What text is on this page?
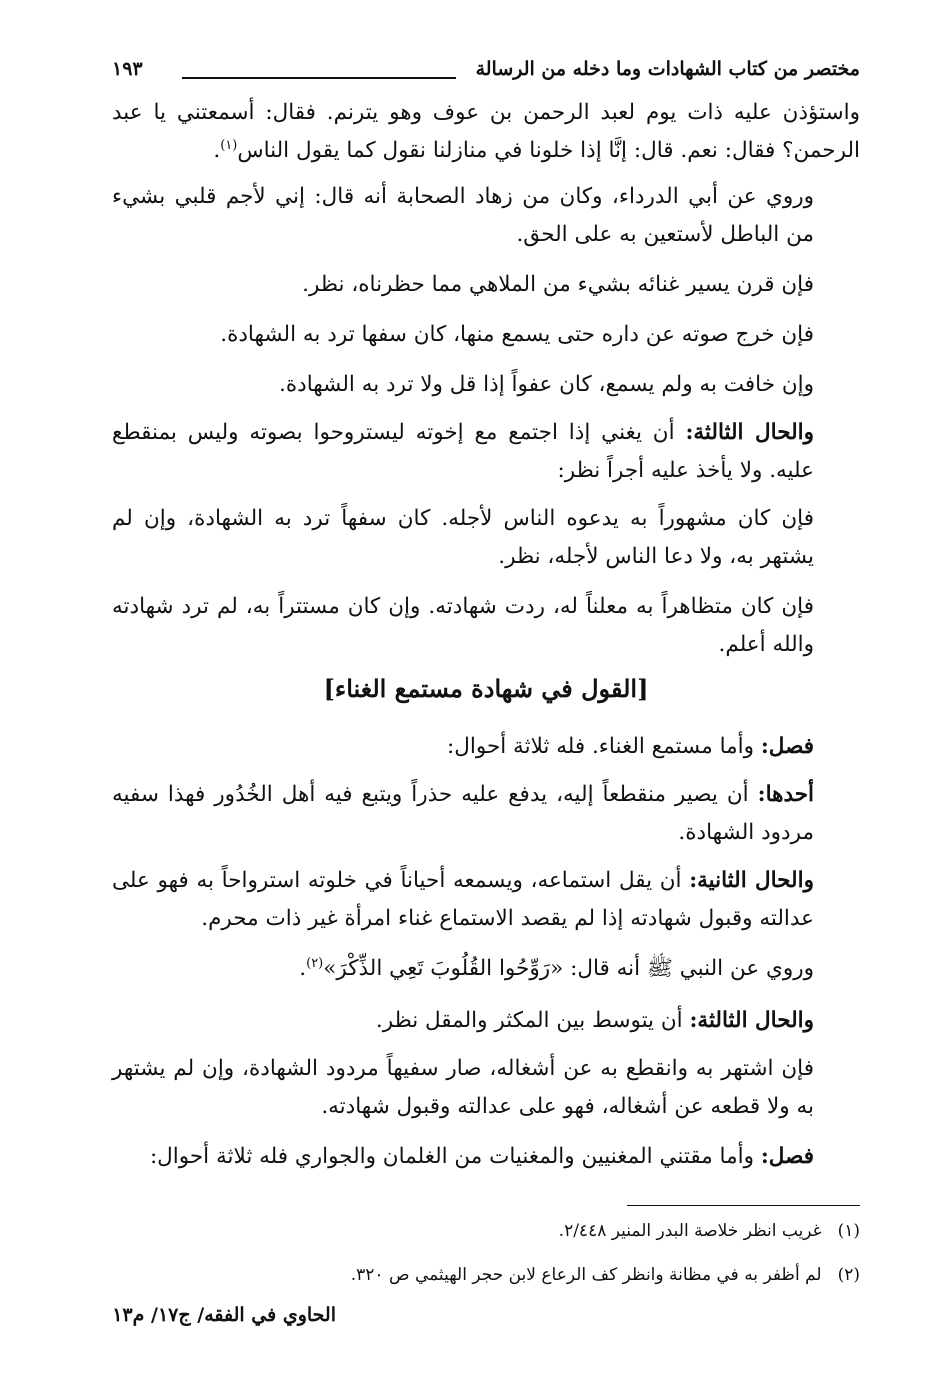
مختصر من كتاب الشهادات وما دخله من الرسالة
١٩٣
واستؤذن عليه ذات يوم لعبد الرحمن بن عوف وهو يترنم. فقال: أسمعتني يا عبد الرحمن؟ فقال: نعم. قال: إنَّا إذا خلونا في منازلنا نقول كما يقول الناس$^{(١)}$.
وروي عن أبي الدرداء، وكان من زهاد الصحابة أنه قال: إني لأجم قلبي بشيء من الباطل لأستعين به على الحق.
فإن قرن يسير غنائه بشيء من الملاهي مما حظرناه، نظر.
فإن خرج صوته عن داره حتى يسمع منها، كان سفها ترد به الشهادة.
وإن خافت به ولم يسمع، كان عفواً إذا قل ولا ترد به الشهادة.
والحال الثالثة: أن يغني إذا اجتمع مع إخوته ليستروحوا بصوته وليس بمنقطع عليه. ولا يأخذ عليه أجراً نظر:
فإن كان مشهوراً به يدعوه الناس لأجله. كان سفهاً ترد به الشهادة، وإن لم يشتهر به، ولا دعا الناس لأجله، نظر.
فإن كان متظاهراً به معلناً له، ردت شهادته. وإن كان مستتراً به، لم ترد شهادته والله أعلم.
[القول في شهادة مستمع الغناء]
فصل: وأما مستمع الغناء. فله ثلاثة أحوال:
أحدها: أن يصير منقطعاً إليه، يدفع عليه حذراً ويتبع فيه أهل الخُدُور فهذا سفيه مردود الشهادة.
والحال الثانية: أن يقل استماعه، ويسمعه أحياناً في خلوته استرواحاً به فهو على عدالته وقبول شهادته إذا لم يقصد الاستماع غناء امرأة غير ذات محرم.
وروي عن النبي ﷺ أنه قال: «رَوِّحُوا القُلُوبَ تَعِي الذِّكْرَ»$^{(٢)}$.
والحال الثالثة: أن يتوسط بين المكثر والمقل نظر.
فإن اشتهر به وانقطع به عن أشغاله، صار سفيهاً مردود الشهادة، وإن لم يشتهر به ولا قطعه عن أشغاله، فهو على عدالته وقبول شهادته.
فصل: وأما مقتني المغنيين والمغنيات من الغلمان والجواري فله ثلاثة أحوال:
(١)غريب انظر خلاصة البدر المنير ٢/٤٤٨.
(٢)لم أظفر به في مظانة وانظر كف الرعاع لابن حجر الهيثمي ص ٣٢٠.
الحاوي في الفقه/ ج١٧/ م١٣
